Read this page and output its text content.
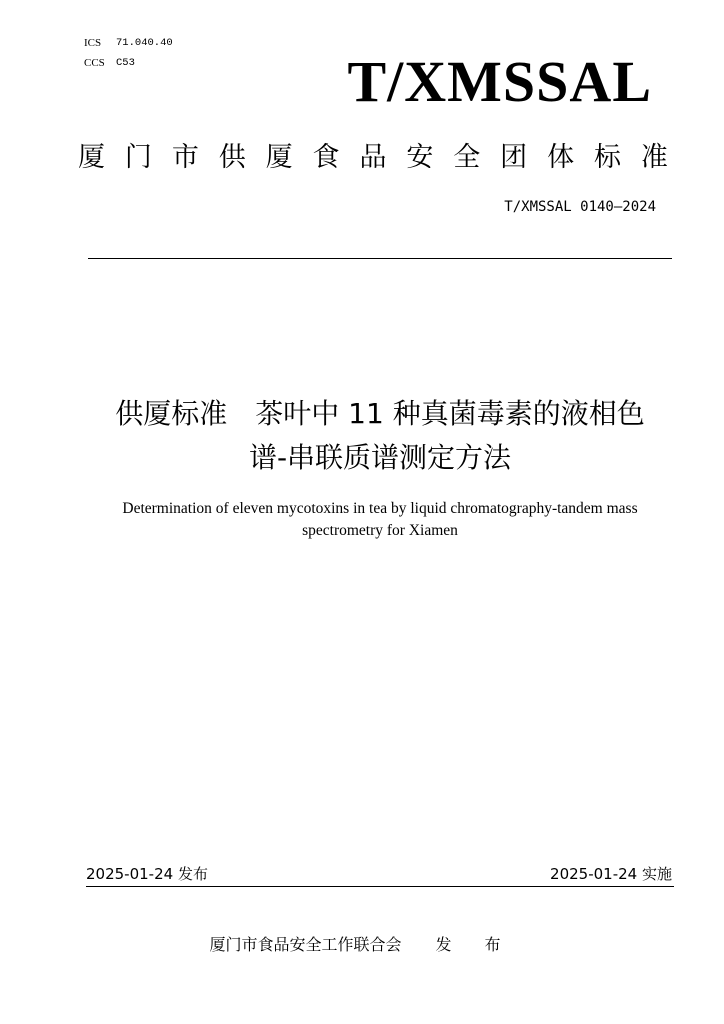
ICS	71.040.40
CCS	C53	T/XMSSAL
厦 门 市 供 厦 食 品 安 全 团 体 标 准
T/XMSSAL 0140—2024
供厦标准　茶叶中 11 种真菌毒素的液相色
谱-串联质谱测定方法
Determination of eleven mycotoxins in tea by liquid chromatography-tandem mass
spectrometry for Xiamen
2025-01-24 发布	2025-01-24 实施
厦门市食品安全工作联合会 发 布
